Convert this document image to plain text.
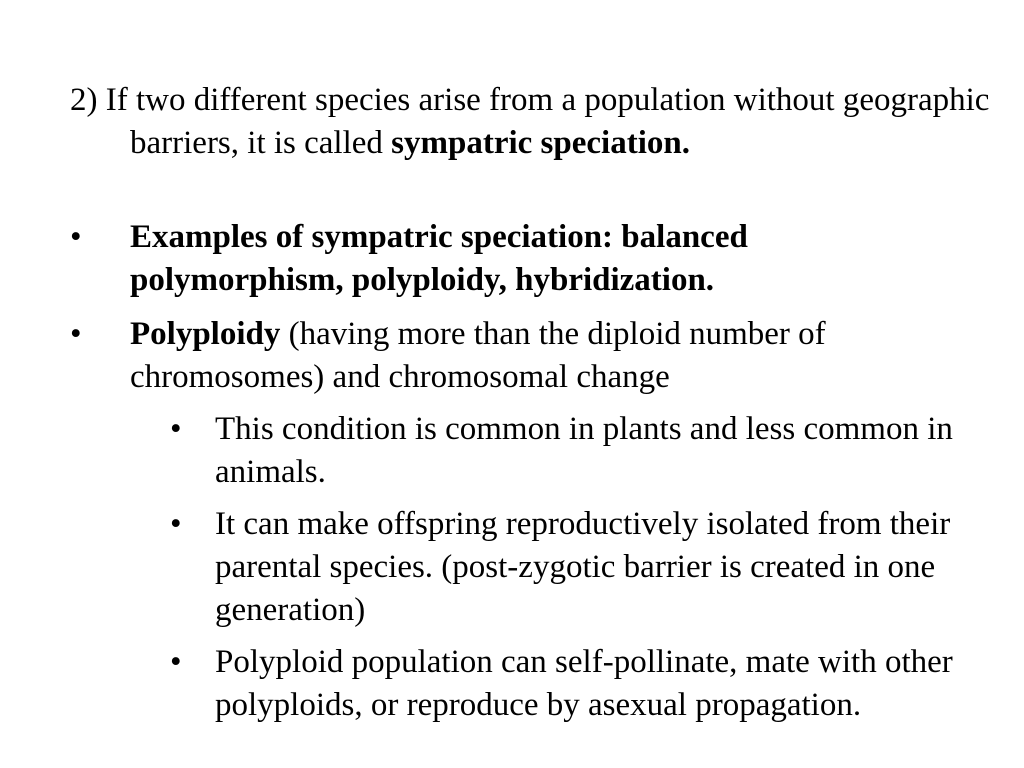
2) If two different species arise from a population without geographic barriers, it is called sympatric speciation.

• Examples of sympatric speciation: balanced polymorphism, polyploidy, hybridization.
• Polyploidy (having more than the diploid number of chromosomes) and chromosomal change
• This condition is common in plants and less common in animals.
• It can make offspring reproductively isolated from their parental species. (post-zygotic barrier is created in one generation)
• Polyploid population can self-pollinate, mate with other polyploids, or reproduce by asexual propagation.
